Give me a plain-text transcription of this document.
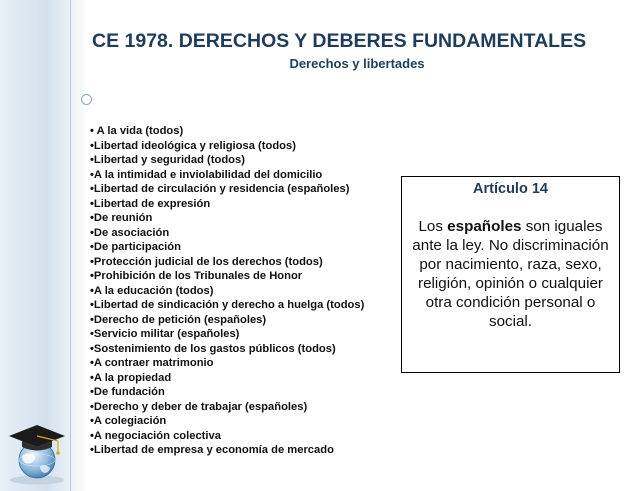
CE 1978. DERECHOS Y DEBERES FUNDAMENTALES
Derechos y libertades
• A la vida (todos)
•Libertad ideológica y religiosa (todos)
•Libertad y seguridad (todos)
•A la intimidad e inviolabilidad del domicilio
•Libertad de circulación y residencia (españoles)
•Libertad de expresión
•De reunión
•De asociación
•De participación
•Protección judicial de los derechos (todos)
•Prohibición de los Tribunales de Honor
•A la educación (todos)
•Libertad de sindicación y derecho a huelga (todos)
•Derecho de petición (españoles)
•Servicio militar (españoles)
•Sostenimiento de los gastos públicos (todos)
•A contraer matrimonio
•A la propiedad
•De fundación
•Derecho y deber de trabajar (españoles)
•A colegiación
•A negociación colectiva
•Libertad de empresa y economía de mercado
Artículo 14
Los españoles son iguales ante la ley. No discriminación por nacimiento, raza, sexo, religión, opinión o cualquier otra condición personal o social.
